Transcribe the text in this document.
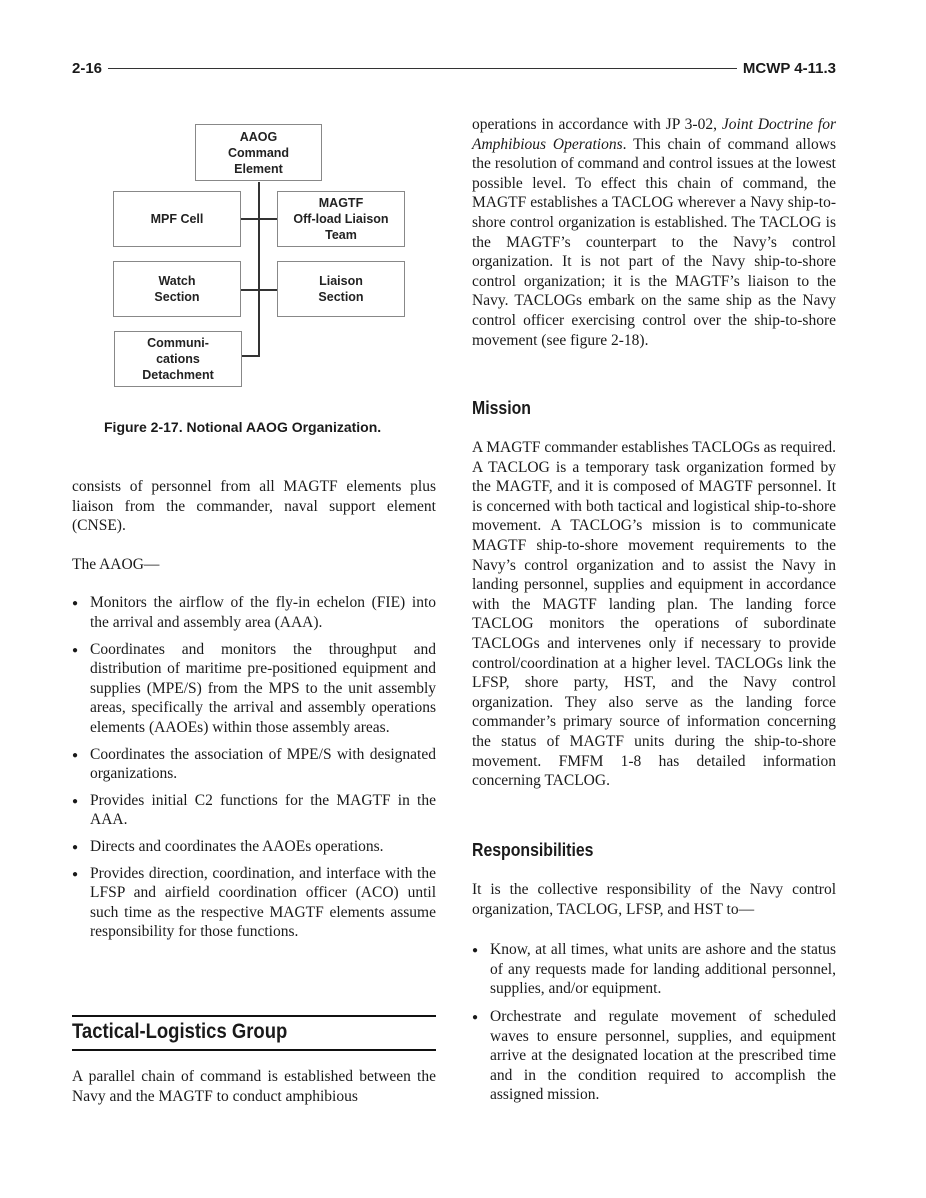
2-16	MCWP 4-11.3
AAOG
Command
Element
MPF Cell
MAGTF
Off-load Liaison
Team
Watch
Section
Liaison
Section
Communi-
cations
Detachment
Figure 2-17. Notional AAOG Organization.

consists of personnel from all MAGTF elements plus liaison from the commander, naval support element (CNSE).

The AAOG—

● Monitors the airflow of the fly-in echelon (FIE) into the arrival and assembly area (AAA).
● Coordinates and monitors the throughput and distribution of maritime pre-positioned equipment and supplies (MPE/S) from the MPS to the unit assembly areas, specifically the arrival and assembly operations elements (AAOEs) within those assembly areas.
● Coordinates the association of MPE/S with designated organizations.
● Provides initial C2 functions for the MAGTF in the AAA.
● Directs and coordinates the AAOEs operations.
● Provides direction, coordination, and interface with the LFSP and airfield coordination officer (ACO) until such time as the respective MAGTF elements assume responsibility for those functions.
Tactical-Logistics Group

A parallel chain of command is established between the Navy and the MAGTF to conduct amphibious

operations in accordance with JP 3-02, Joint Doctrine for Amphibious Operations. This chain of command allows the resolution of command and control issues at the lowest possible level. To effect this chain of command, the MAGTF establishes a TACLOG wherever a Navy ship-to-shore control organization is established. The TACLOG is the MAGTF’s counterpart to the Navy’s control organization. It is not part of the Navy ship-to-shore control organization; it is the MAGTF’s liaison to the Navy. TACLOGs embark on the same ship as the Navy control officer exercising control over the ship-to-shore movement (see figure 2-18).

Mission

A MAGTF commander establishes TACLOGs as required. A TACLOG is a temporary task organization formed by the MAGTF, and it is composed of MAGTF personnel. It is concerned with both tactical and logistical ship-to-shore movement. A TACLOG’s mission is to communicate MAGTF ship-to-shore movement requirements to the Navy’s control organization and to assist the Navy in landing personnel, supplies and equipment in accordance with the MAGTF landing plan. The landing force TACLOG monitors the operations of subordinate TACLOGs and intervenes only if necessary to provide control/coordination at a higher level. TACLOGs link the LFSP, shore party, HST, and the Navy control organization. They also serve as the landing force commander’s primary source of information concerning the status of MAGTF units during the ship-to-shore movement. FMFM 1-8 has detailed information concerning TACLOG.

Responsibilities

It is the collective responsibility of the Navy control organization, TACLOG, LFSP, and HST to—

● Know, at all times, what units are ashore and the status of any requests made for landing additional personnel, supplies, and/or equipment.
● Orchestrate and regulate movement of scheduled waves to ensure personnel, supplies, and equipment arrive at the designated location at the prescribed time and in the condition required to accomplish the assigned mission.
